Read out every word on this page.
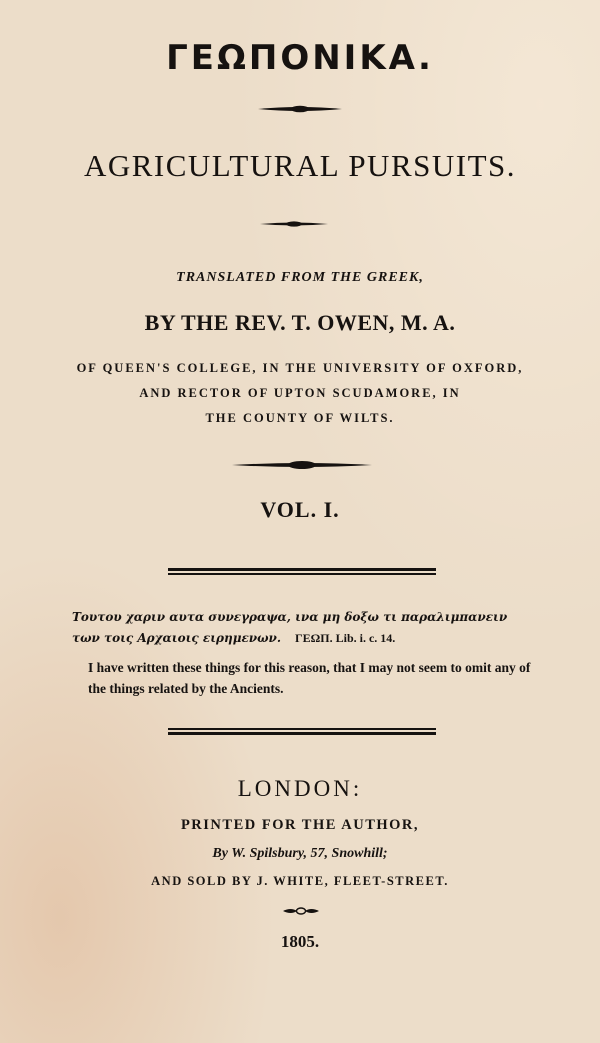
ΓΕΩΠΟΝΙΚΑ.
AGRICULTURAL PURSUITS.
TRANSLATED FROM THE GREEK,
BY THE REV. T. OWEN, M. A.
OF QUEEN'S COLLEGE, IN THE UNIVERSITY OF OXFORD,
AND RECTOR OF UPTON SCUDAMORE, IN
THE COUNTY OF WILTS.
VOL. I.
Τουτου χαριν αυτα συνεγραψα, ινα μη δοξω τι παραλιμπανειν των τοις Αρχαιοις ειρημενων. ΓΕΩΠ. Lib. i. c. 14.
I have written these things for this reason, that I may not seem to omit any of the things related by the Ancients.
LONDON:
PRINTED FOR THE AUTHOR,
By W. Spilsbury, 57, Snowhill;
AND SOLD BY J. WHITE, FLEET-STREET.
1805.
